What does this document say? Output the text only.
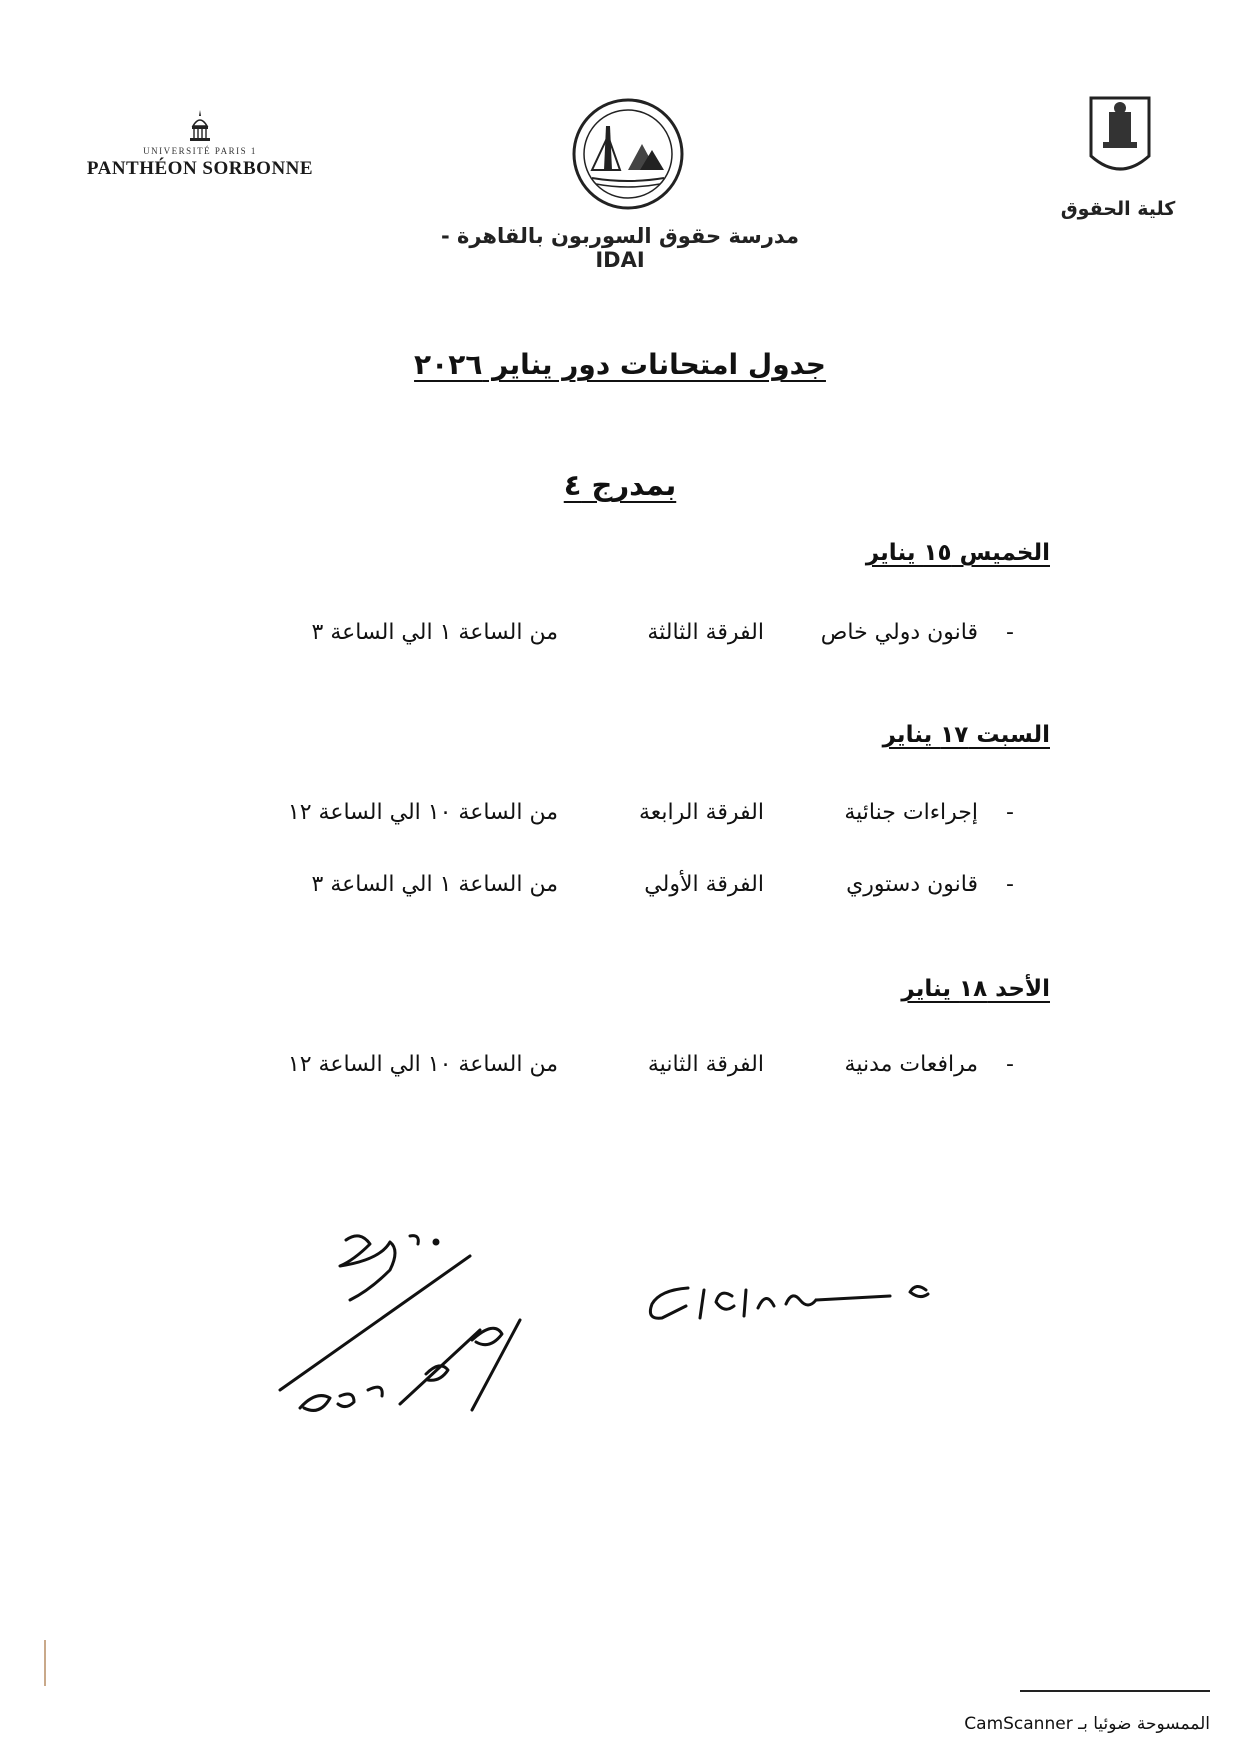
UNIVERSITÉ PARIS 1
PANTHÉON SORBONNE
مدرسة حقوق السوربون بالقاهرة - IDAI
كلية الحقوق
جدول امتحانات دور يناير ٢٠٢٦
بمدرج ٤
الخميس ١٥ يناير
-
قانون دولي خاص
الفرقة الثالثة
من الساعة ١ الي الساعة ٣
السبت ١٧ يناير
-
إجراءات جنائية
الفرقة الرابعة
من الساعة ١٠ الي الساعة ١٢
-
قانون دستوري
الفرقة الأولي
من الساعة ١ الي الساعة ٣
الأحد ١٨ يناير
-
مرافعات مدنية
الفرقة الثانية
من الساعة ١٠ الي الساعة ١٢
الممسوحة ضوئيا بـ CamScanner
